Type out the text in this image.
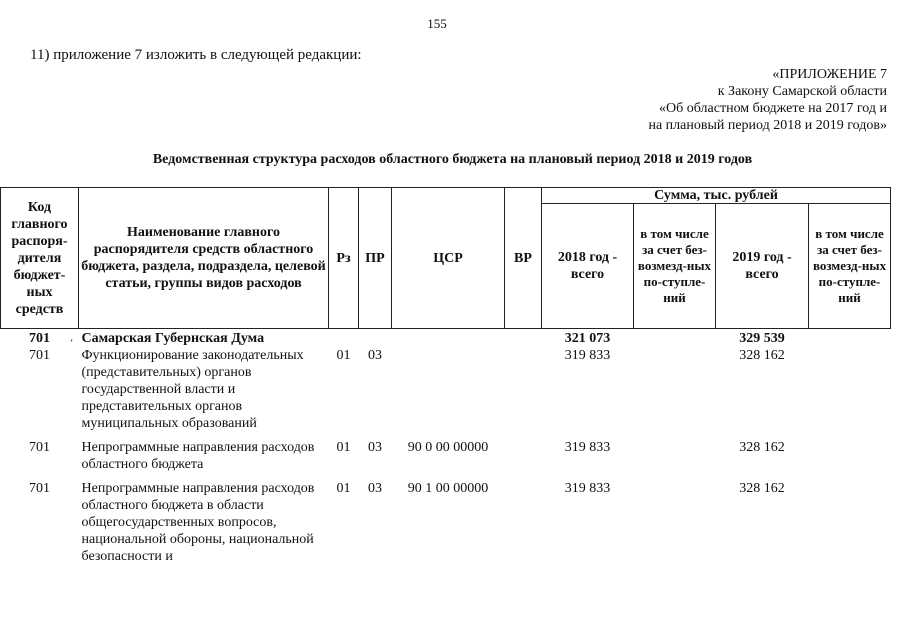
155
11) приложение 7 изложить в следующей редакции:
«ПРИЛОЖЕНИЕ 7
к Закону Самарской области
«Об областном бюджете на 2017 год и
на плановый период 2018 и 2019 годов»
Ведомственная структура расходов областного бюджета на плановый период 2018 и 2019 годов
‘
Код главного распоря-дителя бюджет-ных средств	Наименование главного распорядителя средств областного бюджета, раздела, подраздела, целевой статьи, группы видов расходов	Рз	ПР	ЦСР	ВР	Сумма, тыс. рублей			
						2018 год - всего	в том числе за счет без-возмезд-ных по-ступле-ний	2019 год - всего	в том числе за счет без-возмезд-ных по-ступле-ний
701	Самарская Губернская Дума					321 073		329 539	
701	Функционирование законодательных (представительных) органов государственной власти и представительных органов муниципальных образований	01	03			319 833		328 162	
701	Непрограммные направления расходов областного бюджета	01	03	90 0 00 00000		319 833		328 162	
701	Непрограммные направления расходов областного бюджета в области общегосударственных вопросов, национальной обороны, национальной безопасности и	01	03	90 1 00 00000		319 833		328 162	
